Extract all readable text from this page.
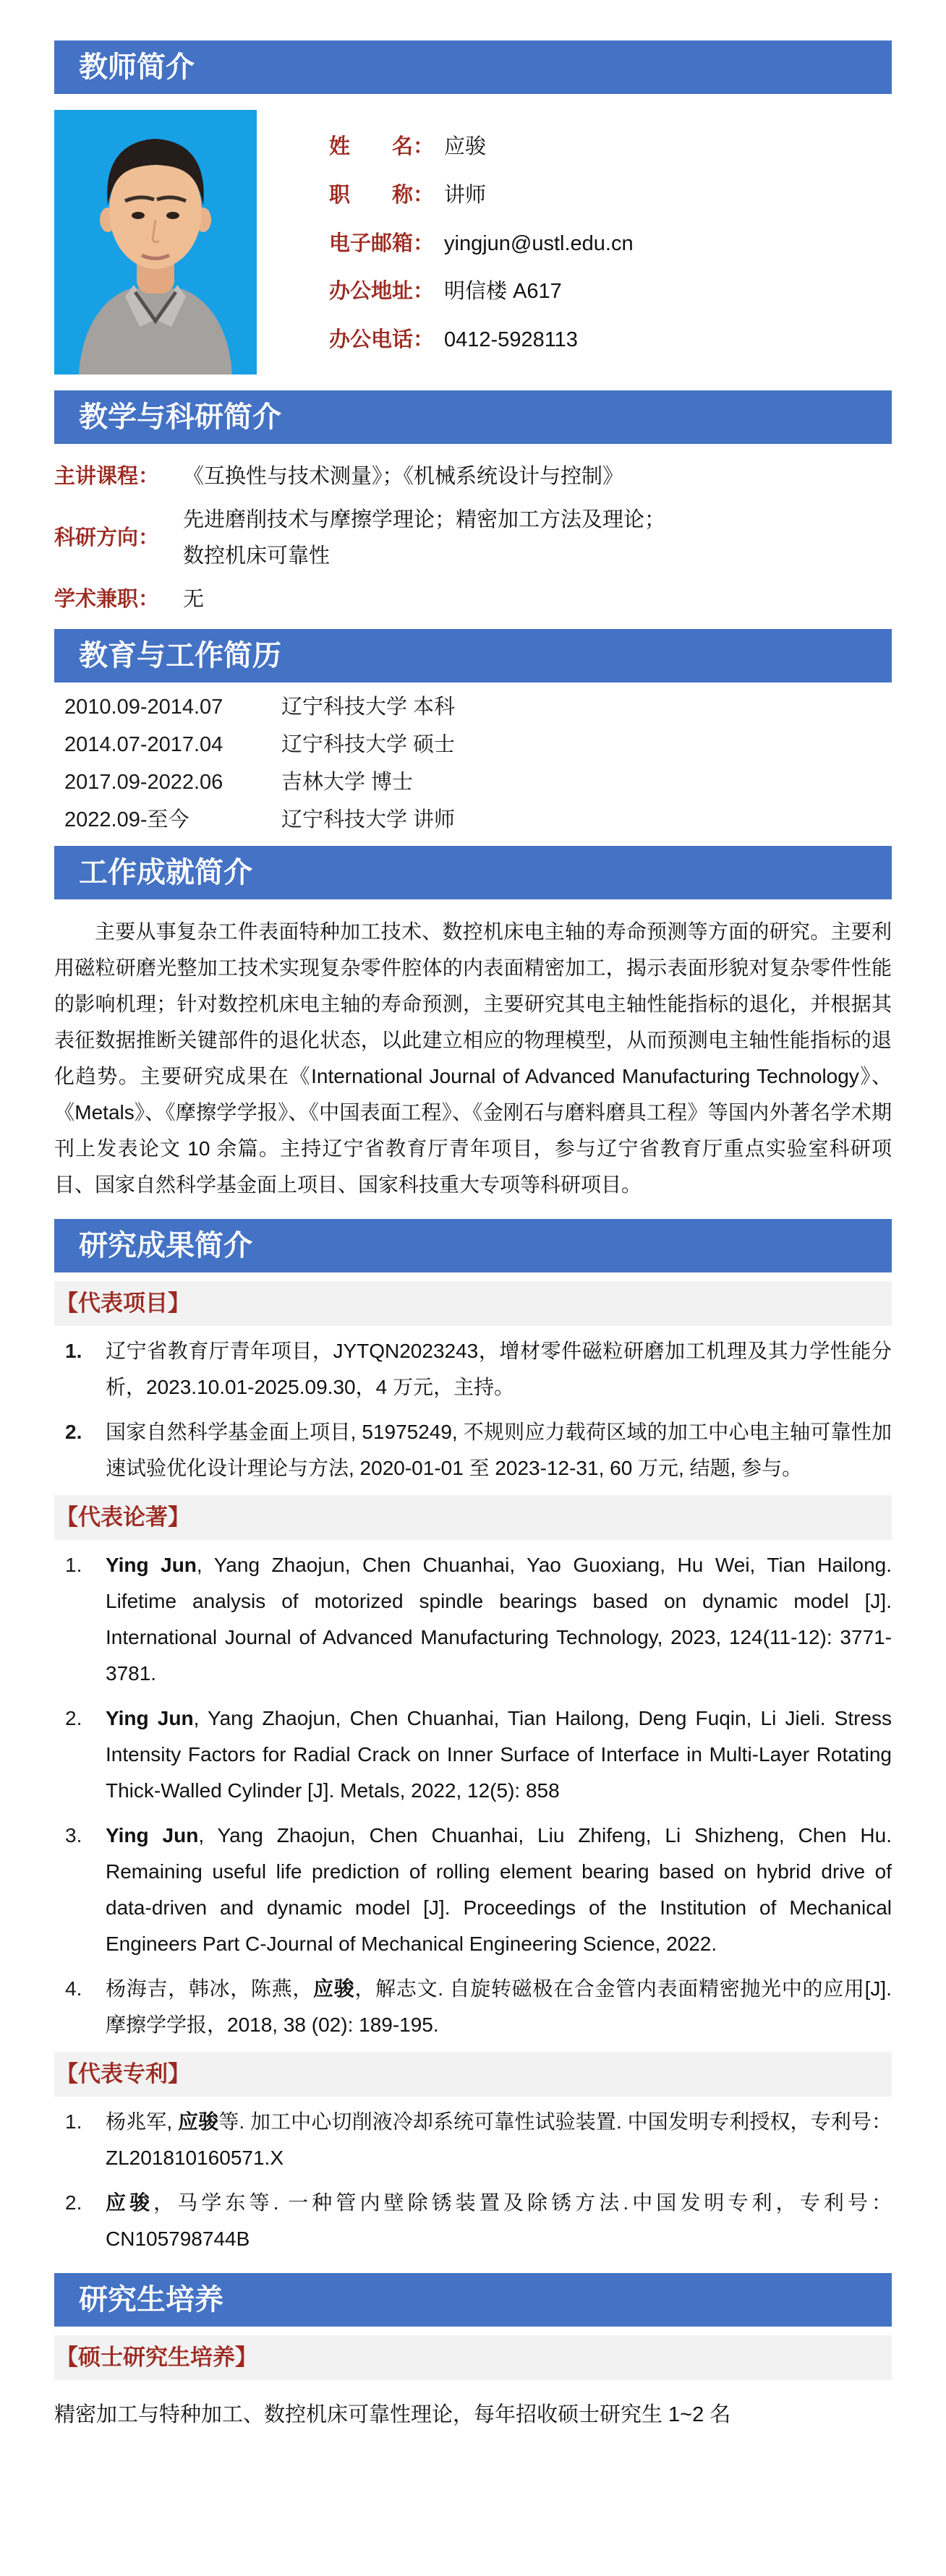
教师简介
姓　　名： 应骏
职　　称： 讲师
电子邮箱： yingjun@ustl.edu.cn
办公地址： 明信楼 A617
办公电话： 0412-5928113
教学与科研简介
主讲课程：	《互换性与技术测量》；《机械系统设计与控制》
科研方向：
先进磨削技术与摩擦学理论；精密加工方法及理论；
数控机床可靠性
学术兼职：	无
教育与工作简历
2010.09-2014.07	辽宁科技大学 本科
2014.07-2017.04	辽宁科技大学 硕士
2017.09-2022.06	吉林大学 博士
2022.09-至今	辽宁科技大学 讲师
工作成就简介

主要从事复杂工件表面特种加工技术、数控机床电主轴的寿命预测等方面的研究。主要利用磁粒研磨光整加工技术实现复杂零件腔体的内表面精密加工，揭示表面形貌对复杂零件性能的影响机理；针对数控机床电主轴的寿命预测，主要研究其电主轴性能指标的退化，并根据其表征数据推断关键部件的退化状态，以此建立相应的物理模型，从而预测电主轴性能指标的退化趋势。主要研究成果在《International Journal of Advanced Manufacturing Technology》、《Metals》、《摩擦学学报》、《中国表面工程》、《金刚石与磨料磨具工程》等国内外著名学术期刊上发表论文 10 余篇。主持辽宁省教育厅青年项目，参与辽宁省教育厅重点实验室科研项目、国家自然科学基金面上项目、国家科技重大专项等科研项目。

研究成果简介
【代表项目】
1.	辽宁省教育厅青年项目，JYTQN2023243，增材零件磁粒研磨加工机理及其力学性能分析，2023.10.01-2025.09.30，4 万元，主持。
2.	国家自然科学基金面上项目, 51975249, 不规则应力载荷区域的加工中心电主轴可靠性加速试验优化设计理论与方法, 2020-01-01 至 2023-12-31, 60 万元, 结题, 参与。
【代表论著】
1.	Ying Jun, Yang Zhaojun, Chen Chuanhai, Yao Guoxiang, Hu Wei, Tian Hailong. Lifetime analysis of motorized spindle bearings based on dynamic model [J]. International Journal of Advanced Manufacturing Technology, 2023, 124(11-12): 3771-3781.
2.	Ying Jun, Yang Zhaojun, Chen Chuanhai, Tian Hailong, Deng Fuqin, Li Jieli. Stress Intensity Factors for Radial Crack on Inner Surface of Interface in Multi-Layer Rotating Thick-Walled Cylinder [J]. Metals, 2022, 12(5): 858
3.	Ying Jun, Yang Zhaojun, Chen Chuanhai, Liu Zhifeng, Li Shizheng, Chen Hu. Remaining useful life prediction of rolling element bearing based on hybrid drive of data-driven and dynamic model [J]. Proceedings of the Institution of Mechanical Engineers Part C-Journal of Mechanical Engineering Science, 2022.
4.	杨海吉，韩冰，陈燕，应骏，解志文. 自旋转磁极在合金管内表面精密抛光中的应用[J]. 摩擦学学报，2018, 38 (02): 189-195.
【代表专利】
1.	杨兆军, 应骏等. 加工中心切削液冷却系统可靠性试验装置. 中国发明专利授权，专利号：ZL201810160571.X
2.	应骏，马学东等. 一种管内壁除锈装置及除锈方法.中国发明专利，专利号：CN105798744B
研究生培养
【硕士研究生培养】
精密加工与特种加工、数控机床可靠性理论，每年招收硕士研究生 1~2 名
